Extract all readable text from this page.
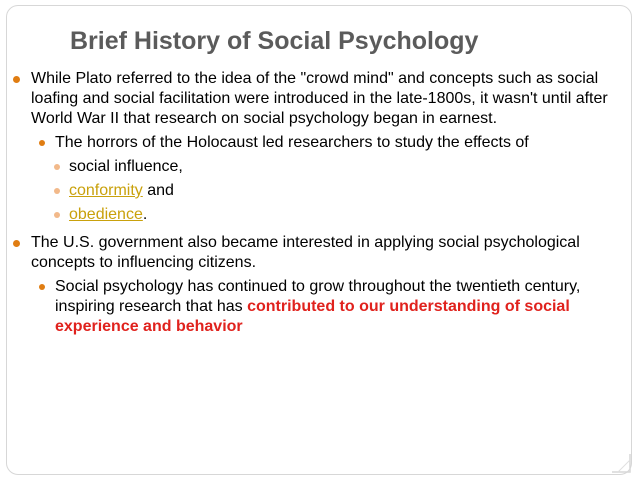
Brief History of Social Psychology
While Plato referred to the idea of the "crowd mind" and concepts such as social loafing and social facilitation were introduced in the late-1800s, it wasn't until after World War II that research on social psychology began in earnest.
The horrors of the Holocaust led researchers to study the effects of
social influence,
conformity and
obedience.
The U.S. government also became interested in applying social psychological concepts to influencing citizens.
Social psychology has continued to grow throughout the twentieth century, inspiring research that has contributed to our understanding of social experience and behavior
